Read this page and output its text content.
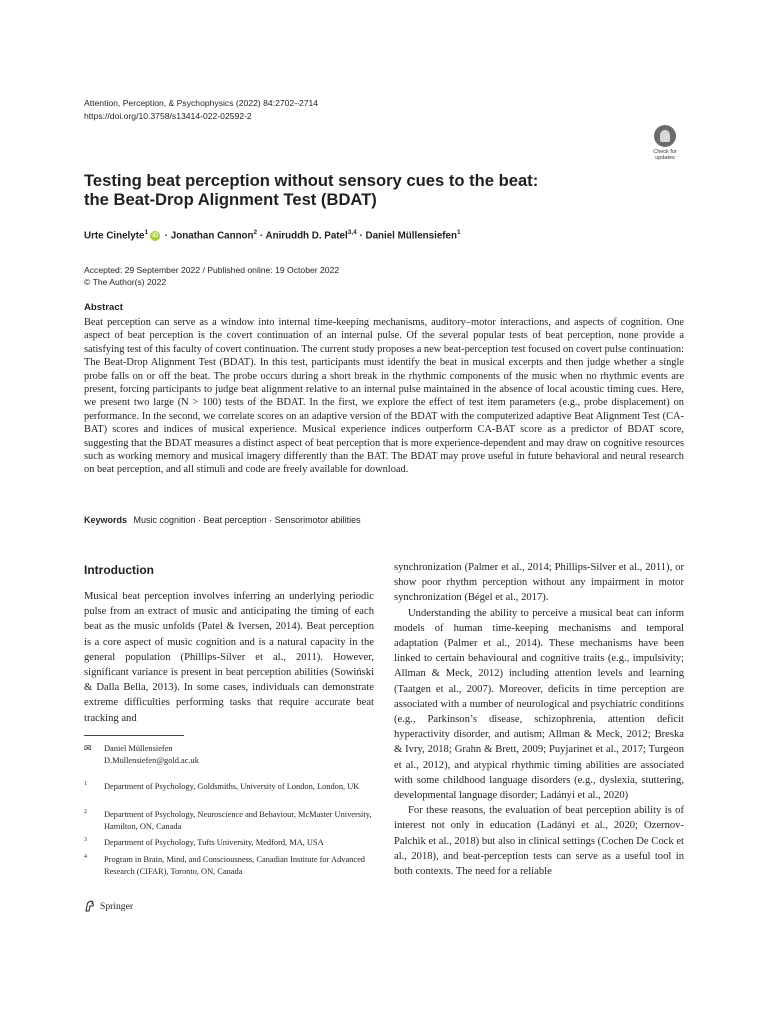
Attention, Perception, & Psychophysics (2022) 84:2702–2714
https://doi.org/10.3758/s13414-022-02592-2
Check for
updates
Testing beat perception without sensory cues to the beat:
the Beat-Drop Alignment Test (BDAT)
Urte Cinelyte$^1$ iD · Jonathan Cannon$^2$ · Aniruddh D. Patel$^{3,4}$ · Daniel Müllensiefen$^1$
Accepted: 29 September 2022 / Published online: 19 October 2022
© The Author(s) 2022
Abstract
Beat perception can serve as a window into internal time-keeping mechanisms, auditory–motor interactions, and aspects of cognition. One aspect of beat perception is the covert continuation of an internal pulse. Of the several popular tests of beat perception, none provide a satisfying test of this faculty of covert continuation. The current study proposes a new beat-perception test focused on covert pulse continuation: The Beat-Drop Alignment Test (BDAT). In this test, participants must identify the beat in musical excerpts and then judge whether a single probe falls on or off the beat. The probe occurs during a short break in the rhythmic components of the music when no rhythmic events are present, forcing participants to judge beat alignment relative to an internal pulse maintained in the absence of local acoustic timing cues. Here, we present two large (N > 100) tests of the BDAT. In the first, we explore the effect of test item parameters (e.g., probe displacement) on performance. In the second, we correlate scores on an adaptive version of the BDAT with the computerized adaptive Beat Alignment Test (CA-BAT) scores and indices of musical experience. Musical experience indices outperform CA-BAT score as a predictor of BDAT score, suggesting that the BDAT measures a distinct aspect of beat perception that is more experience-dependent and may draw on cognitive resources such as working memory and musical imagery differently than the BAT. The BDAT may prove useful in future behavioral and neural research on beat perception, and all stimuli and code are freely available for download.
Keywords Music cognition · Beat perception · Sensorimotor abilities
Introduction

Musical beat perception involves inferring an underlying periodic pulse from an extract of music and anticipating the timing of each beat as the music unfolds (Patel & Iversen, 2014). Beat perception is a core aspect of music cognition and is a natural capacity in the general population (Phillips-Silver et al., 2011). However, significant variance is present in beat perception abilities (Sowiński & Dalla Bella, 2013). In some cases, individuals can demonstrate extreme difficulties performing tasks that require accurate beat tracking and

synchronization (Palmer et al., 2014; Phillips-Silver et al., 2011), or show poor rhythm perception without any impairment in motor synchronization (Bégel et al., 2017).

Understanding the ability to perceive a musical beat can inform models of human time-keeping mechanisms and temporal adaptation (Palmer et al., 2014). These mechanisms have been linked to certain behavioural and cognitive traits (e.g., impulsivity; Allman & Meck, 2012) including attention levels and learning (Taatgen et al., 2007). Moreover, deficits in time perception are associated with a number of neurological and psychiatric conditions (e.g., Parkinson’s disease, schizophrenia, attention deficit hyperactivity disorder, and autism; Allman & Meck, 2012; Breska & Ivry, 2018; Grahn & Brett, 2009; Puyjarinet et al., 2017; Turgeon et al., 2012), and atypical rhythmic timing abilities are associated with some childhood language disorders (e.g., dyslexia, stuttering, developmental language disorder; Ladányi et al., 2020)

For these reasons, the evaluation of beat perception ability is of interest not only in education (Ladányi et al., 2020; Ozernov-Palchik et al., 2018) but also in clinical settings (Cochen De Cock et al., 2018), and beat-perception tests can serve as a useful tool in both contexts. The need for a reliable

✉ Daniel Müllensiefen
D.Mullensiefen@gold.ac.uk
1 Department of Psychology, Goldsmiths, University of London, London, UK
2 Department of Psychology, Neuroscience and Behaviour, McMaster University, Hamilton, ON, Canada
3 Department of Psychology, Tufts University, Medford, MA, USA
4 Program in Brain, Mind, and Consciousness, Canadian Institute for Advanced Research (CIFAR), Toronto, ON, Canada
Springer
